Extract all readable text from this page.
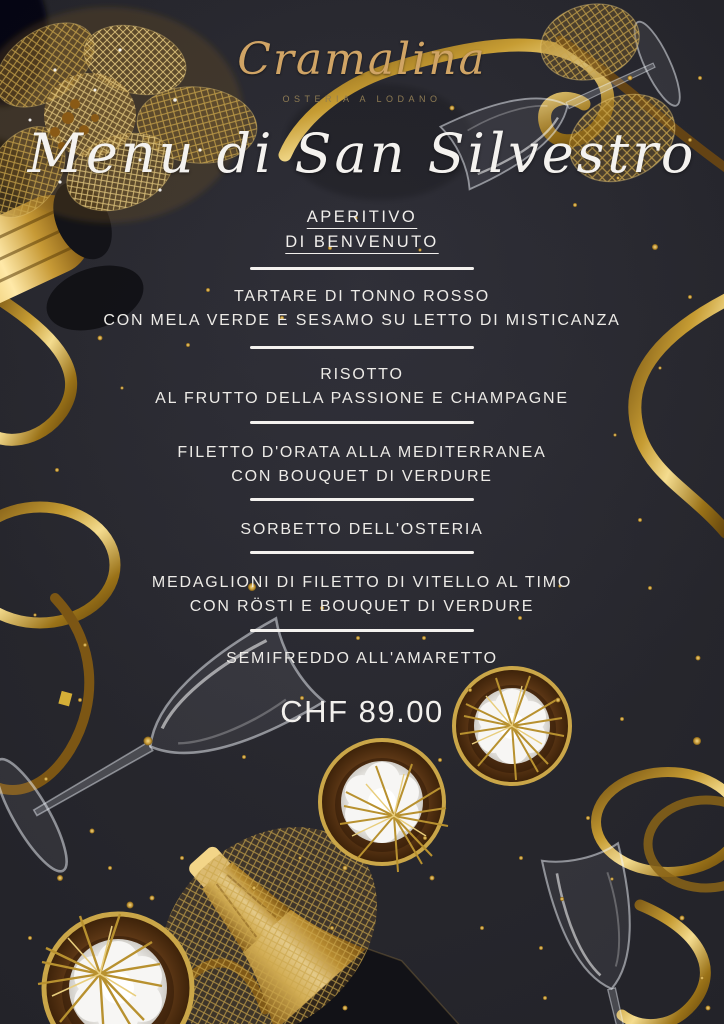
Cramalina
OSTERIA A LODANO
Menu di San Silvestro
APERITIVO
DI BENVENUTO
TARTARE DI TONNO ROSSO
CON MELA VERDE E SESAMO SU LETTO DI MISTICANZA
RISOTTO
AL FRUTTO DELLA PASSIONE E CHAMPAGNE
FILETTO D'ORATA ALLA MEDITERRANEA
CON BOUQUET DI VERDURE
SORBETTO DELL'OSTERIA
MEDAGLIONI DI FILETTO DI VITELLO AL TIMO
CON RÖSTI E BOUQUET DI VERDURE
SEMIFREDDO ALL'AMARETTO
CHF 89.00
